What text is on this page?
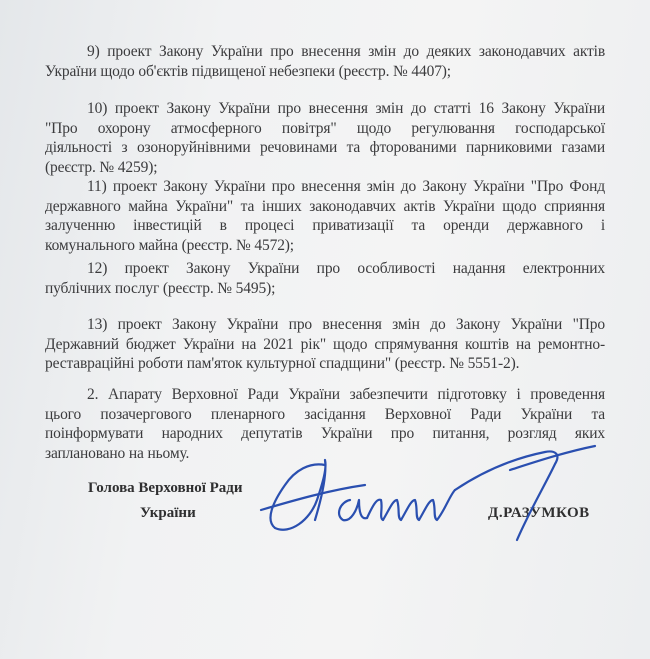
9) проект Закону України про внесення змін до деяких законодавчих актів
України щодо об'єктів підвищеної небезпеки (реєстр. № 4407);
10) проект Закону України про внесення змін до статті 16 Закону України
"Про охорону атмосферного повітря" щодо регулювання господарської
діяльності з озоноруйнівними речовинами та фторованими парниковими газами
(реєстр. № 4259);
11) проект Закону України про внесення змін до Закону України "Про Фонд
державного майна України" та інших законодавчих актів України щодо сприяння
залученню інвестицій в процесі приватизації та оренди державного і
комунального майна (реєстр. № 4572);
12) проект Закону України про особливості надання електронних
публічних послуг (реєстр. № 5495);
13) проект Закону України про внесення змін до Закону України "Про
Державний бюджет України на 2021 рік" щодо спрямування коштів на ремонтно-
реставраційні роботи пам'яток культурної спадщини" (реєстр. № 5551-2).
2. Апарату Верховної Ради України забезпечити підготовку і проведення
цього позачергового пленарного засідання Верховної Ради України та
поінформувати народних депутатів України про питання, розгляд яких
заплановано на ньому.
Голова Верховної Ради
України	Д.РАЗУМКОВ
